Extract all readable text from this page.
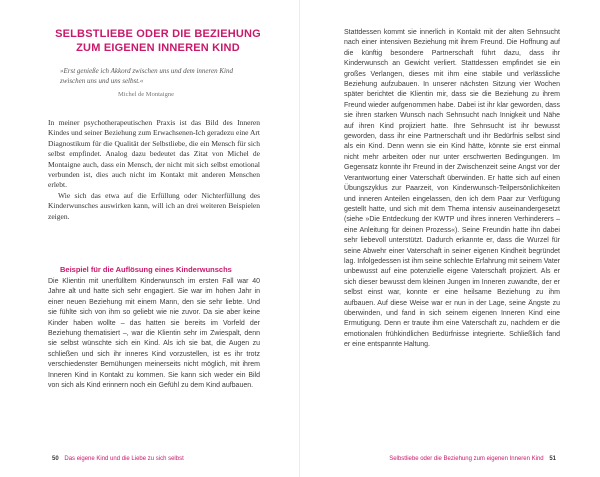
SELBSTLIEBE ODER DIE BEZIEHUNG ZUM EIGENEN INNEREN KIND
»Erst genieße ich Akkord zwischen uns und dem inneren Kind zwischen uns und uns selbst.«
Michel de Montaigne

In meiner psychotherapeutischen Praxis ist das Bild des Inneren Kindes und seiner Beziehung zum Erwachsenen-Ich geradezu eine Art Diagnostikum für die Qualität der Selbstliebe, die ein Mensch für sich selbst empfindet. Analog dazu bedeutet das Zitat von Michel de Montaigne auch, dass ein Mensch, der nicht mit sich selbst emotional verbunden ist, dies auch nicht im Kontakt mit anderen Menschen erlebt.

Wie sich das etwa auf die Erfüllung oder Nichterfüllung des Kinderwunsches auswirken kann, will ich an drei weiteren Beispielen zeigen.

Beispiel für die Auflösung eines Kinderwunschs

Die Klientin mit unerfülltem Kinderwunsch im ersten Fall war 40 Jahre alt und hatte sich sehr engagiert. Sie war im hohen Jahr in einer neuen Beziehung mit einem Mann, den sie sehr liebte. Und sie fühlte sich von ihm so geliebt wie nie zuvor. Da sie aber keine Kinder haben wollte – das hatten sie bereits im Vorfeld der Beziehung thematisiert –, war die Klientin sehr im Zwiespalt, denn sie selbst wünschte sich ein Kind. Als ich sie bat, die Augen zu schließen und sich ihr inneres Kind vorzustellen, ist es ihr trotz verschiedenster Bemühungen meinerseits nicht möglich, mit ihrem Inneren Kind in Kontakt zu kommen. Sie kann sich weder ein Bild von sich als Kind erinnern noch ein Gefühl zu dem Kind aufbauen.

50 Das eigene Kind und die Liebe zu sich selbst

Stattdessen kommt sie innerlich in Kontakt mit der alten Sehnsucht nach einer intensiven Beziehung mit ihrem Freund. Die Hoffnung auf die künftig besondere Partnerschaft führt dazu, dass ihr Kinderwunsch an Gewicht verliert. Stattdessen empfindet sie ein großes Verlangen, dieses mit ihm eine stabile und verlässliche Beziehung aufzubauen. In unserer nächsten Sitzung vier Wochen später berichtet die Klientin mir, dass sie die Beziehung zu ihrem Freund wieder aufgenommen habe. Dabei ist ihr klar geworden, dass sie ihren starken Wunsch nach Sehnsucht nach Innigkeit und Nähe auf ihren Kind projiziert hatte. Ihre Sehnsucht ist ihr bewusst geworden, dass ihr eine Partnerschaft und ihr Bedürfnis selbst sind als ein Kind. Denn wenn sie ein Kind hätte, könnte sie erst einmal nicht mehr arbeiten oder nur unter erschwerten Bedingungen. Im Gegensatz konnte ihr Freund in der Zwischenzeit seine Angst vor der Verantwortung einer Vaterschaft überwinden. Er hatte sich auf einen Übungszyklus zur Paarzeit, von Kinderwunsch-Teilpersönlichkeiten und inneren Anteilen eingelassen, den ich dem Paar zur Verfügung gestellt hatte, und sich mit dem Thema intensiv auseinandergesetzt (siehe »Die Entdeckung der KWTP und ihres inneren Verhinderers – eine Anleitung für deinen Prozess«). Seine Freundin hatte ihn dabei sehr liebevoll unterstützt. Dadurch erkannte er, dass die Wurzel für seine Abwehr einer Vaterschaft in seiner eigenen Kindheit begründet lag. Infolgedessen ist ihm seine schlechte Erfahrung mit seinem Vater unbewusst auf eine potenzielle eigene Vaterschaft projiziert. Als er sich dieser bewusst dem kleinen Jungen im Inneren zuwandte, der er selbst einst war, konnte er eine heilsame Beziehung zu ihm aufbauen. Auf diese Weise war er nun in der Lage, seine Ängste zu überwinden, und fand in sich seinem eigenen Inneren Kind eine Ermutigung. Denn er traute ihm eine Vaterschaft zu, nachdem er die emotionalen frühkindlichen Bedürfnisse integrierte. Schließlich fand er eine entspannte Haltung.

Selbstliebe oder die Beziehung zum eigenen Inneren Kind 51
